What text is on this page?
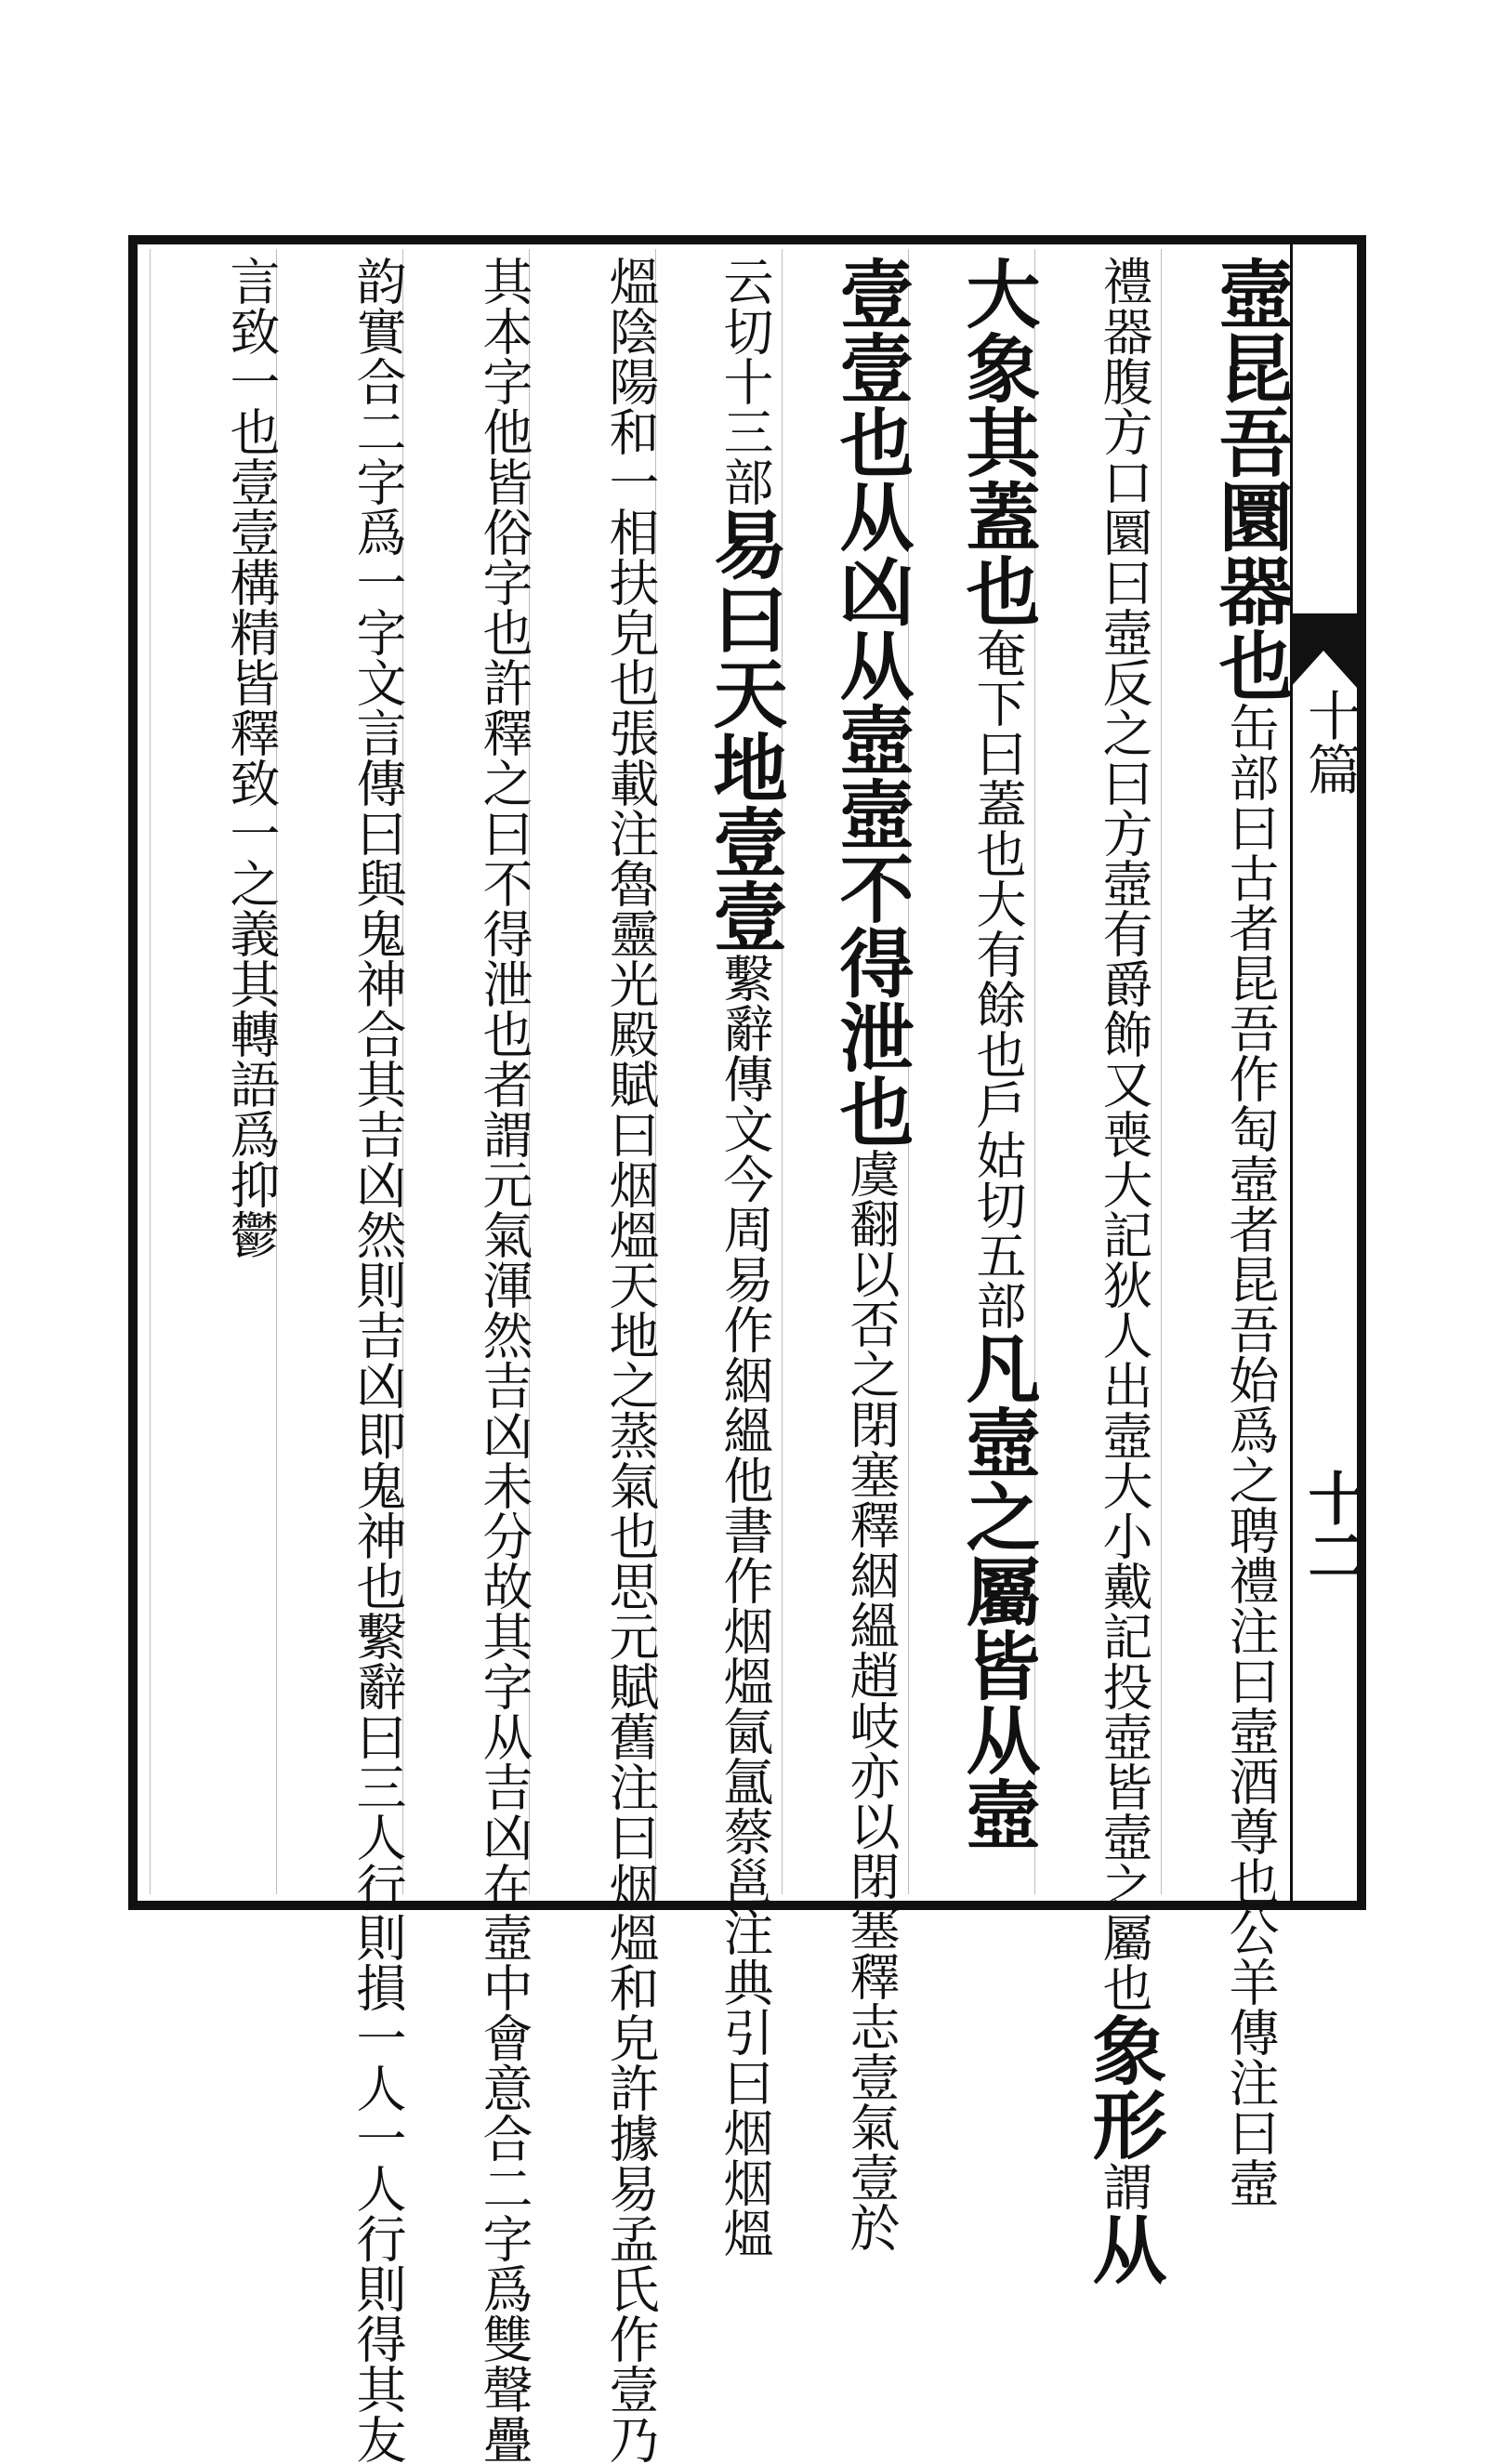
十篇
十二
壼昆吾圜器也缶部曰古者昆吾作匋壼者昆吾始爲之聘禮注曰壼酒尊也公羊傳注曰壼
禮器腹方口圜曰壼反之曰方壼有爵飾又喪大記狄人出壼大小戴記投壺皆壼之屬也象形謂从
大象其蓋也奄下曰蓋也大有餘也戶姑切五部凡壼之屬皆从壼
壹壹也从凶从壼壼不得泄也虞翻以否之閉塞釋絪縕趙岐亦以閉塞釋志壹氣壹於
云切十三部易曰天地壹壹繫辭傳文今周易作絪縕他書作烟熅氤氲蔡邕注典引曰烟烟熅
熅陰陽和一相扶皃也張載注魯靈光殿賦曰烟熅天地之蒸氣也思元賦舊注曰烟熅和皃許據易孟氏作壹乃
其本字他皆俗字也許釋之曰不得泄也者謂元氣渾然吉凶未分故其字从吉凶在壼中會意合二字爲雙聲疊
韵實合二字爲一字文言傳曰與鬼神合其吉凶然則吉凶即鬼神也繫辭曰三人行則損一人一人行則得其友
言致一也壹壹構精皆釋致一之義其轉語爲抑鬱
